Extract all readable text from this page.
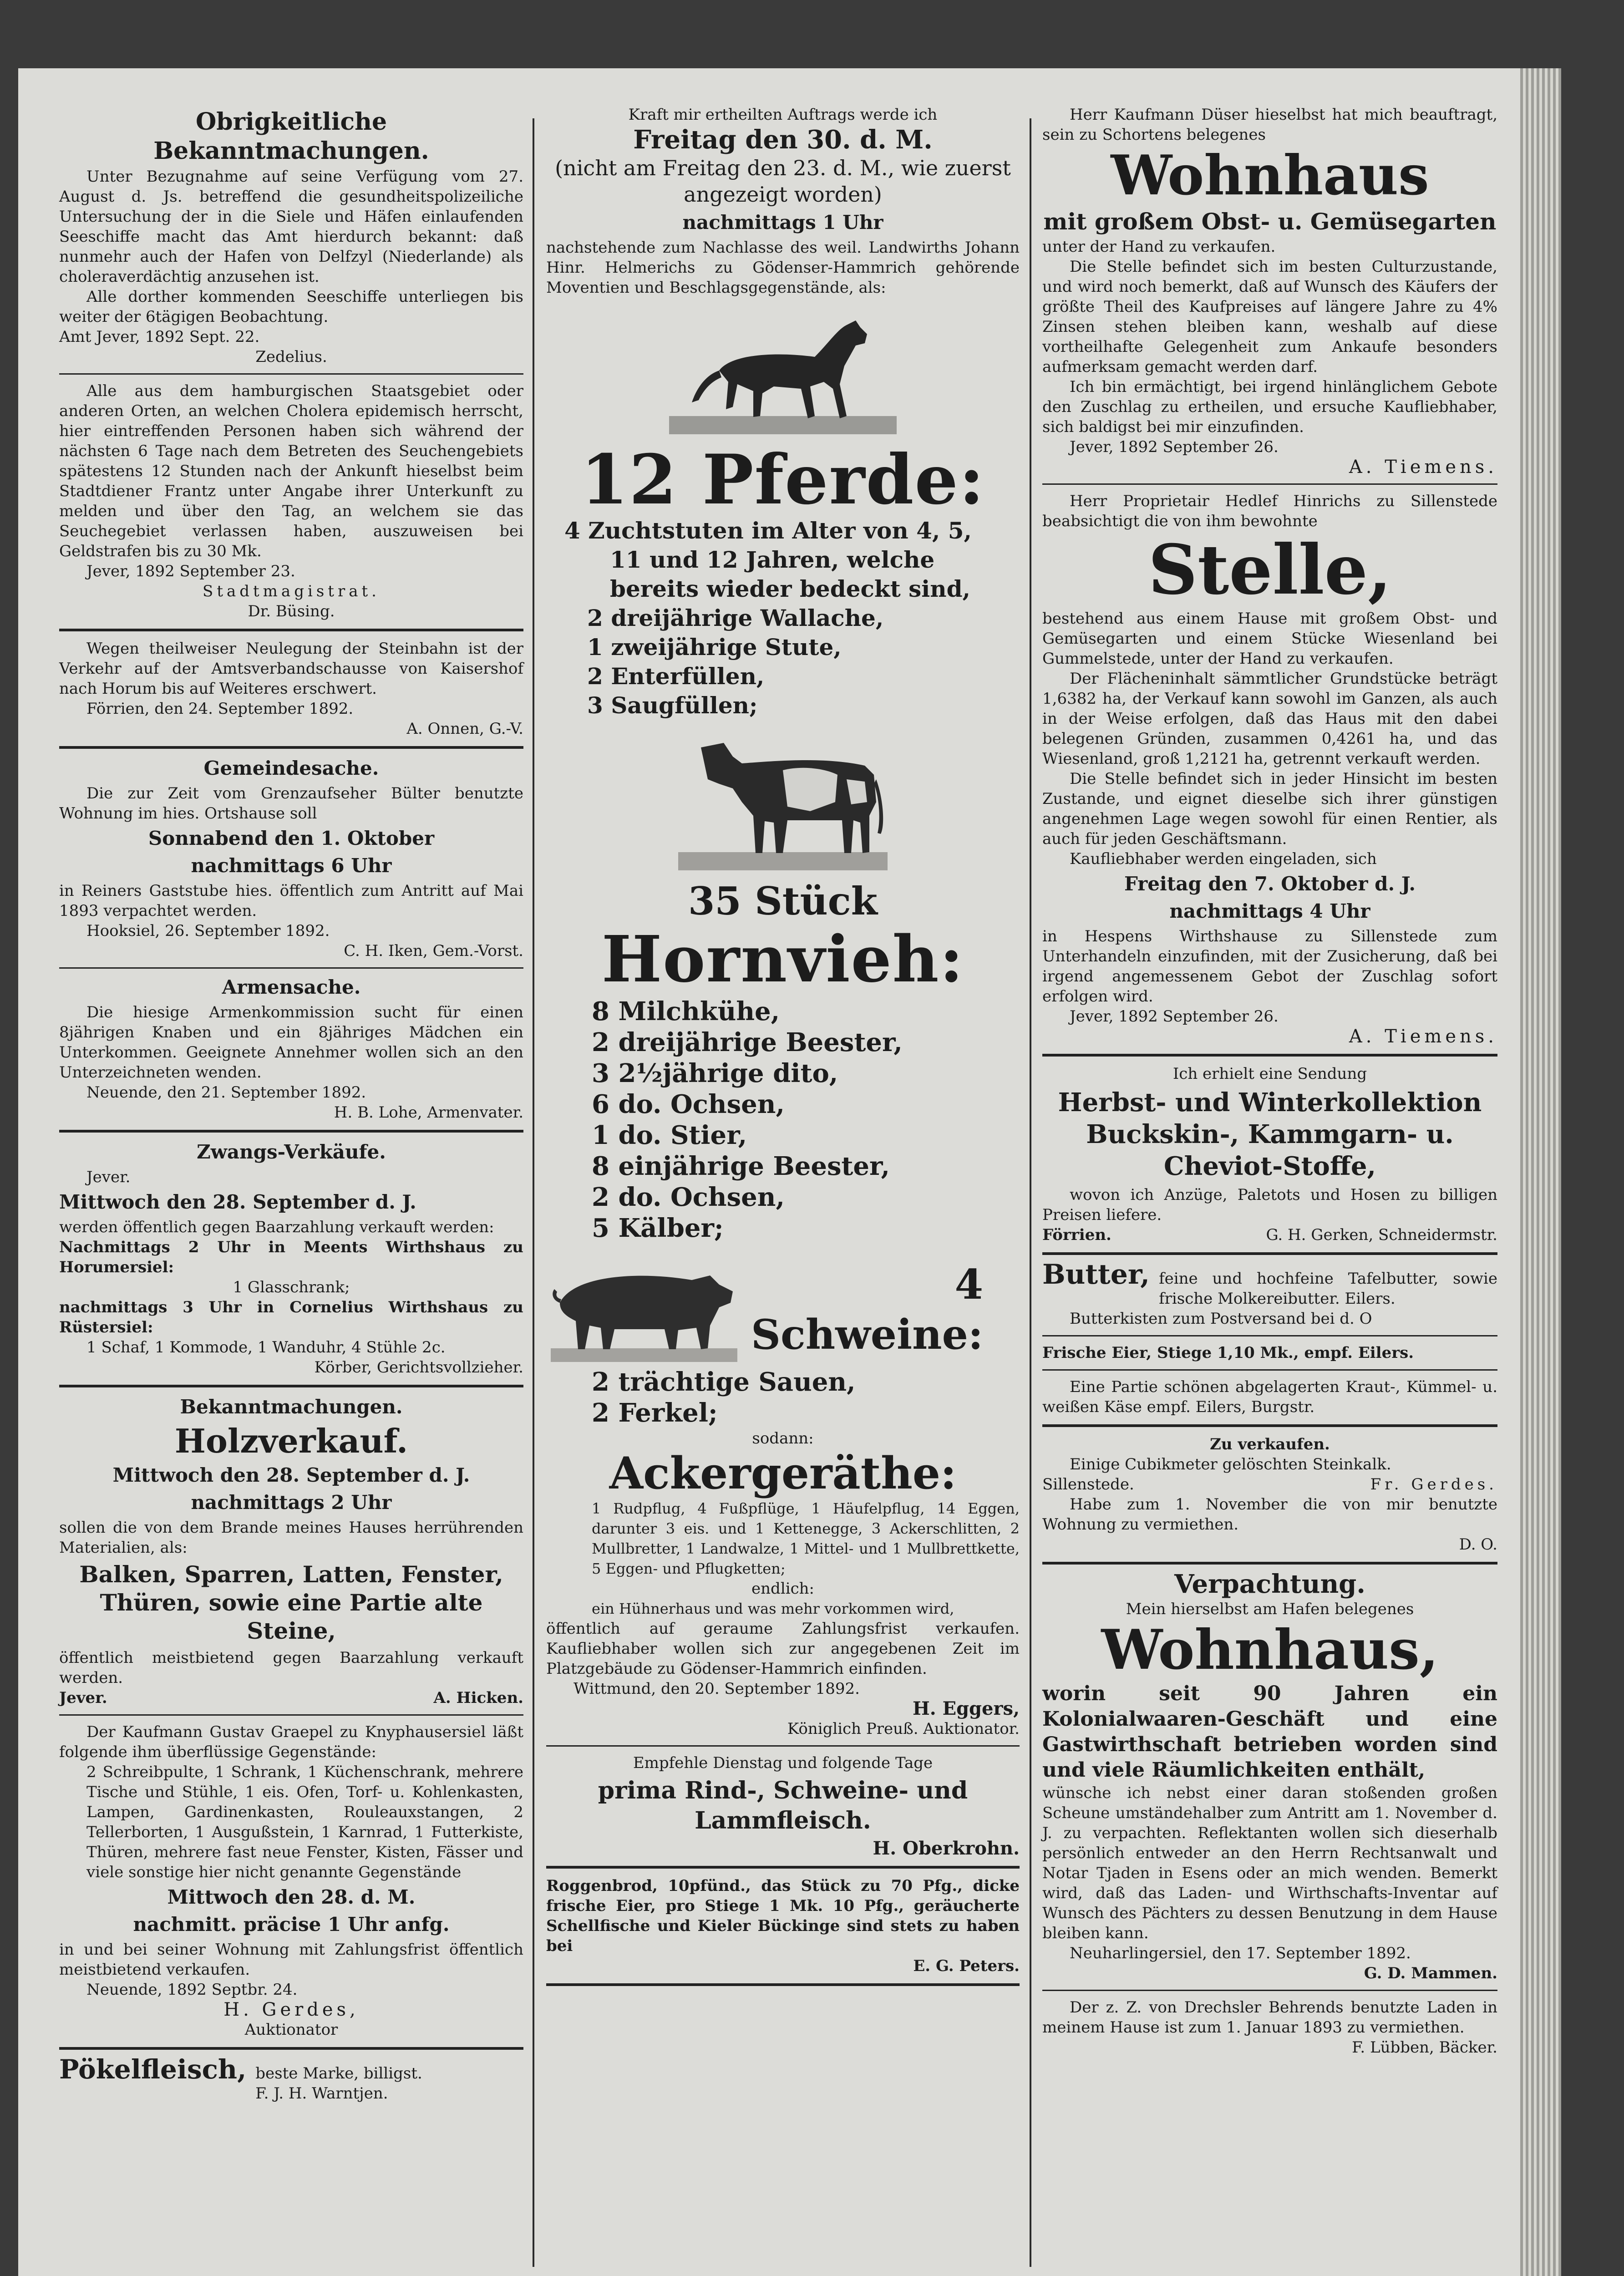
Obrigkeitliche Bekanntmachungen.

Unter Bezugnahme auf seine Verfügung vom 27. August d. Js. betreffend die gesundheitspolizeiliche Untersuchung der in die Siele und Häfen einlaufenden Seeschiffe macht das Amt hierdurch bekannt: daß nunmehr auch der Hafen von Delfzyl (Niederlande) als choleraverdächtig anzusehen ist.

Alle dorther kommenden Seeschiffe unterliegen bis weiter der 6tägigen Beobachtung.

Amt Jever, 1892 Sept. 22.

Zedelius.

Alle aus dem hamburgischen Staatsgebiet oder anderen Orten, an welchen Cholera epidemisch herrscht, hier eintreffenden Personen haben sich während der nächsten 6 Tage nach dem Betreten des Seuchengebiets spätestens 12 Stunden nach der Ankunft hieselbst beim Stadtdiener Frantz unter Angabe ihrer Unterkunft zu melden und über den Tag, an welchem sie das Seuchegebiet verlassen haben, auszuweisen bei Geldstrafen bis zu 30 Mk.

Jever, 1892 September 23.

Stadtmagistrat.

Dr. Büsing.

Wegen theilweiser Neulegung der Steinbahn ist der Verkehr auf der Amtsverbandschausse von Kaisershof nach Horum bis auf Weiteres erschwert.

Förrien, den 24. September 1892.

A. Onnen, G.-V.

Gemeindesache.

Die zur Zeit vom Grenzaufseher Bülter benutzte Wohnung im hies. Ortshause soll

Sonnabend den 1. Oktober

nachmittags 6 Uhr

in Reiners Gaststube hies. öffentlich zum Antritt auf Mai 1893 verpachtet werden.

Hooksiel, 26. September 1892.

C. H. Iken, Gem.-Vorst.

Armensache.

Die hiesige Armenkommission sucht für einen 8jährigen Knaben und ein 8jähriges Mädchen ein Unterkommen. Geeignete Annehmer wollen sich an den Unterzeichneten wenden.

Neuende, den 21. September 1892.

H. B. Lohe, Armenvater.

Zwangs-Verkäufe.

Jever.

Mittwoch den 28. September d. J.

werden öffentlich gegen Baarzahlung verkauft werden:

Nachmittags 2 Uhr in Meents Wirthshaus zu Horumersiel:

1 Glasschrank;

nachmittags 3 Uhr in Cornelius Wirthshaus zu Rüstersiel:

1 Schaf, 1 Kommode, 1 Wanduhr, 4 Stühle 2c.

Körber, Gerichtsvollzieher.

Bekanntmachungen.
Holzverkauf.

Mittwoch den 28. September d. J.

nachmittags 2 Uhr

sollen die von dem Brande meines Hauses herrührenden Materialien, als:

Balken, Sparren, Latten, Fenster, Thüren, sowie eine Partie alte Steine,

öffentlich meistbietend gegen Baarzahlung verkauft werden.

Jever.	A. Hicken.

Der Kaufmann Gustav Graepel zu Knyphausersiel läßt folgende ihm überflüssige Gegenstände:

2 Schreibpulte, 1 Schrank, 1 Küchenschrank, mehrere Tische und Stühle, 1 eis. Ofen, Torf- u. Kohlenkasten, Lampen, Gardinenkasten, Rouleauxstangen, 2 Tellerborten, 1 Ausgußstein, 1 Karnrad, 1 Futterkiste, Thüren, mehrere fast neue Fenster, Kisten, Fässer und viele sonstige hier nicht genannte Gegenstände

Mittwoch den 28. d. M.

nachmitt. präcise 1 Uhr anfg.

in und bei seiner Wohnung mit Zahlungsfrist öffentlich meistbietend verkaufen.

Neuende, 1892 Septbr. 24.

H. Gerdes,

Auktionator

Pökelfleisch, beste Marke, billigst.
F. J. H. Warntjen.

Kraft mir ertheilten Auftrags werde ich

Freitag den 30. d. M.

(nicht am Freitag den 23. d. M., wie zuerst angezeigt worden)

nachmittags 1 Uhr

nachstehende zum Nachlasse des weil. Landwirths Johann Hinr. Helmerichs zu Gödenser-Hammrich gehörende Moventien und Beschlagsgegenstände, als:

12 Pferde:

4 Zuchtstuten im Alter von 4, 5,

11 und 12 Jahren, welche bereits wieder bedeckt sind,

2 dreijährige Wallache,

1 zweijährige Stute,

2 Enterfüllen,

3 Saugfüllen;

35 Stück
Hornvieh:

8 Milchkühe,

2 dreijährige Beester,

3 2½jährige dito,

6 do. Ochsen,

1 do. Stier,

8 einjährige Beester,

2 do. Ochsen,

5 Kälber;

4
Schweine:

2 trächtige Sauen,

2 Ferkel;

sodann:

Ackergeräthe:

1 Rudpflug, 4 Fußpflüge, 1 Häufelpflug, 14 Eggen, darunter 3 eis. und 1 Kettenegge, 3 Ackerschlitten, 2 Mullbretter, 1 Landwalze, 1 Mittel- und 1 Mullbrettkette, 5 Eggen- und Pflugketten;

endlich:

ein Hühnerhaus und was mehr vorkommen wird,

öffentlich auf geraume Zahlungsfrist verkaufen. Kaufliebhaber wollen sich zur angegebenen Zeit im Platzgebäude zu Gödenser-Hammrich einfinden.

Wittmund, den 20. September 1892.

H. Eggers,

Königlich Preuß. Auktionator.

Empfehle Dienstag und folgende Tage

prima Rind-, Schweine- und Lammfleisch.

H. Oberkrohn.

Roggenbrod, 10pfünd., das Stück zu 70 Pfg., dicke frische Eier, pro Stiege 1 Mk. 10 Pfg., geräucherte Schellfische und Kieler Bückinge sind stets zu haben bei

E. G. Peters.

Herr Kaufmann Düser hieselbst hat mich beauftragt, sein zu Schortens belegenes

Wohnhaus

mit großem Obst- u. Gemüsegarten

unter der Hand zu verkaufen.

Die Stelle befindet sich im besten Culturzustande, und wird noch bemerkt, daß auf Wunsch des Käufers der größte Theil des Kaufpreises auf längere Jahre zu 4% Zinsen stehen bleiben kann, weshalb auf diese vortheilhafte Gelegenheit zum Ankaufe besonders aufmerksam gemacht werden darf.

Ich bin ermächtigt, bei irgend hinlänglichem Gebote den Zuschlag zu ertheilen, und ersuche Kaufliebhaber, sich baldigst bei mir einzufinden.

Jever, 1892 September 26.

A. Tiemens.

Herr Proprietair Hedlef Hinrichs zu Sillenstede beabsichtigt die von ihm bewohnte

Stelle,

bestehend aus einem Hause mit großem Obst- und Gemüsegarten und einem Stücke Wiesenland bei Gummelstede, unter der Hand zu verkaufen.

Der Flächeninhalt sämmtlicher Grundstücke beträgt 1,6382 ha, der Verkauf kann sowohl im Ganzen, als auch in der Weise erfolgen, daß das Haus mit den dabei belegenen Gründen, zusammen 0,4261 ha, und das Wiesenland, groß 1,2121 ha, getrennt verkauft werden.

Die Stelle befindet sich in jeder Hinsicht im besten Zustande, und eignet dieselbe sich ihrer günstigen angenehmen Lage wegen sowohl für einen Rentier, als auch für jeden Geschäftsmann.

Kaufliebhaber werden eingeladen, sich

Freitag den 7. Oktober d. J.

nachmittags 4 Uhr

in Hespens Wirthshause zu Sillenstede zum Unterhandeln einzufinden, mit der Zusicherung, daß bei irgend angemessenem Gebot der Zuschlag sofort erfolgen wird.

Jever, 1892 September 26.

A. Tiemens.

Ich erhielt eine Sendung

Herbst- und Winterkollektion Buckskin-, Kammgarn- u. Cheviot-Stoffe,

wovon ich Anzüge, Paletots und Hosen zu billigen Preisen liefere.

Förrien.	G. H. Gerken, Schneidermstr.
Butter, feine und hochfeine Tafelbutter, sowie frische Molkereibutter. Eilers.

Butterkisten zum Postversand bei d. O

Frische Eier, Stiege 1,10 Mk., empf. Eilers.

Eine Partie schönen abgelagerten Kraut-, Kümmel- u. weißen Käse empf. Eilers, Burgstr.

Zu verkaufen.

Einige Cubikmeter gelöschten Steinkalk.

Sillenstede.	Fr. Gerdes.

Habe zum 1. November die von mir benutzte Wohnung zu vermiethen.

D. O.

Verpachtung.

Mein hierselbst am Hafen belegenes

Wohnhaus,

worin seit 90 Jahren ein Kolonialwaaren-Geschäft und eine Gastwirthschaft betrieben worden sind und viele Räumlichkeiten enthält,

wünsche ich nebst einer daran stoßenden großen Scheune umständehalber zum Antritt am 1. November d. J. zu verpachten. Reflektanten wollen sich dieserhalb persönlich entweder an den Herrn Rechtsanwalt und Notar Tjaden in Esens oder an mich wenden. Bemerkt wird, daß das Laden- und Wirthschafts-Inventar auf Wunsch des Pächters zu dessen Benutzung in dem Hause bleiben kann.

Neuharlingersiel, den 17. September 1892.

G. D. Mammen.

Der z. Z. von Drechsler Behrends benutzte Laden in meinem Hause ist zum 1. Januar 1893 zu vermiethen.

F. Lübben, Bäcker.
